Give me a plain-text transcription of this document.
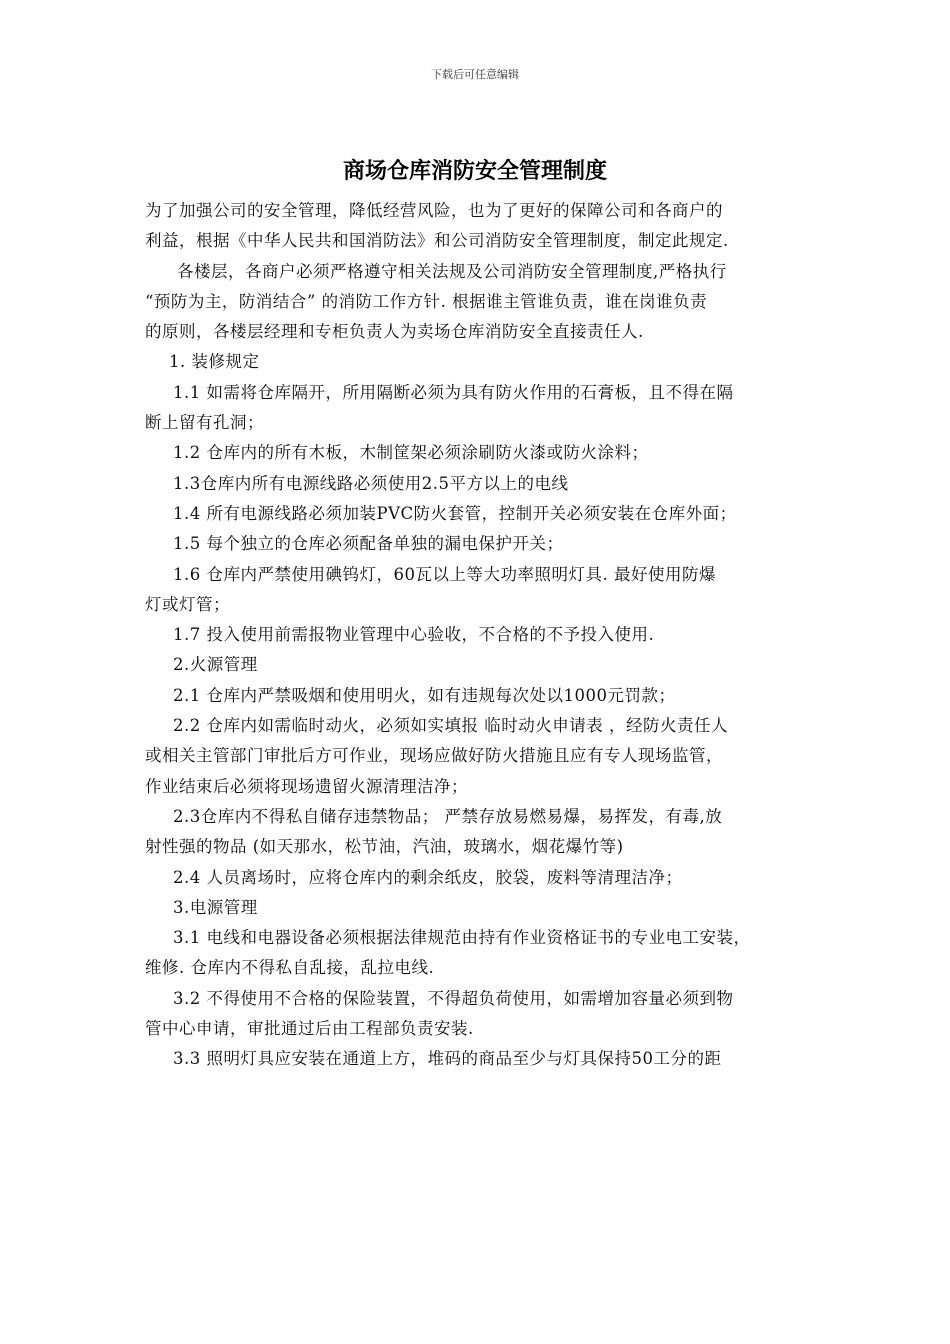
下载后可任意编辑
商场仓库消防安全管理制度
为了加强公司的安全管理，降低经营风险，也为了更好的保障公司和各商户的
利益，根据《中华人民共和国消防法》和公司消防安全管理制度，制定此规定.
各楼层，各商户必须严格遵守相关法规及公司消防安全管理制度,严格执行
“预防为主，防消结合” 的消防工作方针. 根据谁主管谁负责，谁在岗谁负责
的原则，各楼层经理和专柜负责人为卖场仓库消防安全直接责任人.
1. 装修规定
1.1 如需将仓库隔开，所用隔断必须为具有防火作用的石膏板，且不得在隔
断上留有孔洞；
1.2 仓库内的所有木板，木制筐架必须涂刷防火漆或防火涂料；
1.3仓库内所有电源线路必须使用2.5平方以上的电线
1.4 所有电源线路必须加装PVC防火套管，控制开关必须安装在仓库外面；
1.5 每个独立的仓库必须配备单独的漏电保护开关；
1.6 仓库内严禁使用碘钨灯，60瓦以上等大功率照明灯具. 最好使用防爆
灯或灯管；
1.7 投入使用前需报物业管理中心验收，不合格的不予投入使用.
2.火源管理
2.1 仓库内严禁吸烟和使用明火，如有违规每次处以1000元罚款；
2.2 仓库内如需临时动火，必须如实填报 临时动火申请表 ，经防火责任人
或相关主管部门审批后方可作业，现场应做好防火措施且应有专人现场监管，
作业结束后必须将现场遗留火源清理洁净；
2.3仓库内不得私自储存违禁物品； 严禁存放易燃易爆，易挥发，有毒,放
射性强的物品 (如天那水，松节油，汽油，玻璃水，烟花爆竹等)
2.4 人员离场时，应将仓库内的剩余纸皮，胶袋，废料等清理洁净；
3.电源管理
3.1 电线和电器设备必须根据法律规范由持有作业资格证书的专业电工安装，
维修. 仓库内不得私自乱接，乱拉电线.
3.2 不得使用不合格的保险装置，不得超负荷使用，如需增加容量必须到物
管中心申请，审批通过后由工程部负责安装.
3.3 照明灯具应安装在通道上方，堆码的商品至少与灯具保持50工分的距
